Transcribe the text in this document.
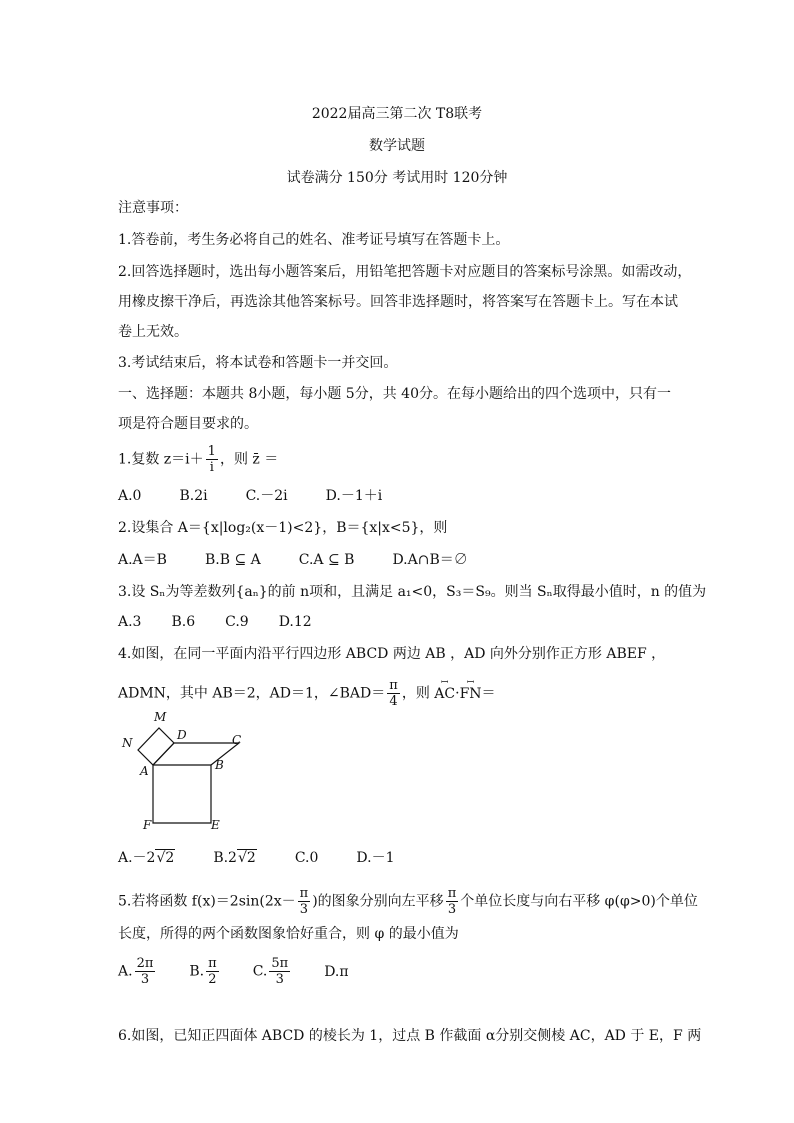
2022届高三第二次 T8联考
数学试题
试卷满分 150分 考试用时 120分钟
注意事项：
1.答卷前，考生务必将自己的姓名、准考证号填写在答题卡上。
2.回答选择题时，选出每小题答案后，用铅笔把答题卡对应题目的答案标号涂黑。如需改动，
用橡皮擦干净后，再选涂其他答案标号。回答非选择题时，将答案写在答题卡上。写在本试
卷上无效。
3.考试结束后，将本试卷和答题卡一并交回。
一、选择题：本题共 8小题，每小题 5分，共 40分。在每小题给出的四个选项中，只有一
项是符合题目要求的。
1.复数 $z=i+ \frac{1}{i}$ ，则 z̄ ＝
A.0	B.2i	C.－2i	D.－1＋i
2.设集合 A＝{x|log₂(x－1)<2}，B＝{x|x<5}，则
A.A＝B	B.B ⊆ A	C.A ⊆ B	D.A∩B＝∅
3.设 Sₙ为等差数列{aₙ}的前 n项和，且满足 a₁<0，S₃＝S₉。则当 Sₙ取得最小值时，n 的值为
A.3 B.6 C.9 D.12
4.如图，在同一平面内沿平行四边形 ABCD 两边 AB ，AD 向外分别作正方形 ABEF ，
ADMN，其中 AB＝2，AD＝1，∠BAD＝ $\frac{\pi}{4}$ ，则 ꟷ AC·ꟷ FN＝
M
D	C
N
A	B
F	E
A.－2√2	B.2√2	C.0	D.－1
5.若将函数 $f(x)=2\sin(2x- \frac{\pi}{3}$ )的图象分别向左平移 $\frac{\pi}{3}$ 个单位长度与向右平移 φ(φ>0)个单位
长度，所得的两个函数图象恰好重合，则 φ 的最小值为
A. $\frac{2\pi}{3} B$. $\frac{\pi}{2} C$. $\frac{5\pi}{3} D.\pi$
6.如图，已知正四面体 ABCD 的棱长为 1，过点 B 作截面 α分别交侧棱 AC，AD 于 E，F 两
